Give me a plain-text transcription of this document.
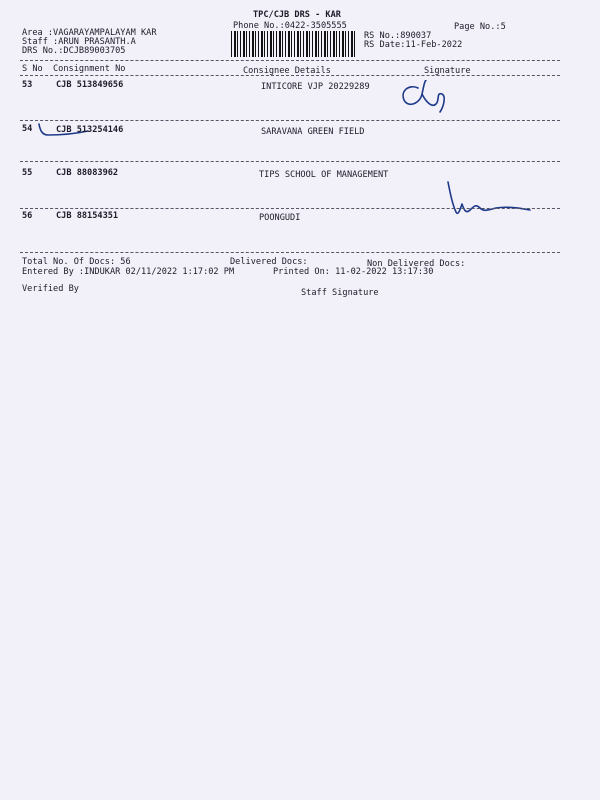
TPC/CJB DRS - KAR
Phone No.:0422-3505555	Page No.:5
Area :VAGARAYAMPALAYAM KAR
Staff :ARUN PRASANTH.A
DRS No.:DCJB89003705
RS No.:890037
RS Date:11-Feb-2022
S No Consignment No	Consignee Details	Signature
53	CJB 513849656	INTICORE VJP 20229289
54	CJB 513254146	SARAVANA GREEN FIELD
55	CJB 88083962	TIPS SCHOOL OF MANAGEMENT
56	CJB 88154351	POONGUDI
Total No. Of Docs: 56	Delivered Docs:	Non Delivered Docs:
Entered By :INDUKAR 02/11/2022 1:17:02 PM	Printed On: 11-02-2022 13:17:30
Verified By	Staff Signature
